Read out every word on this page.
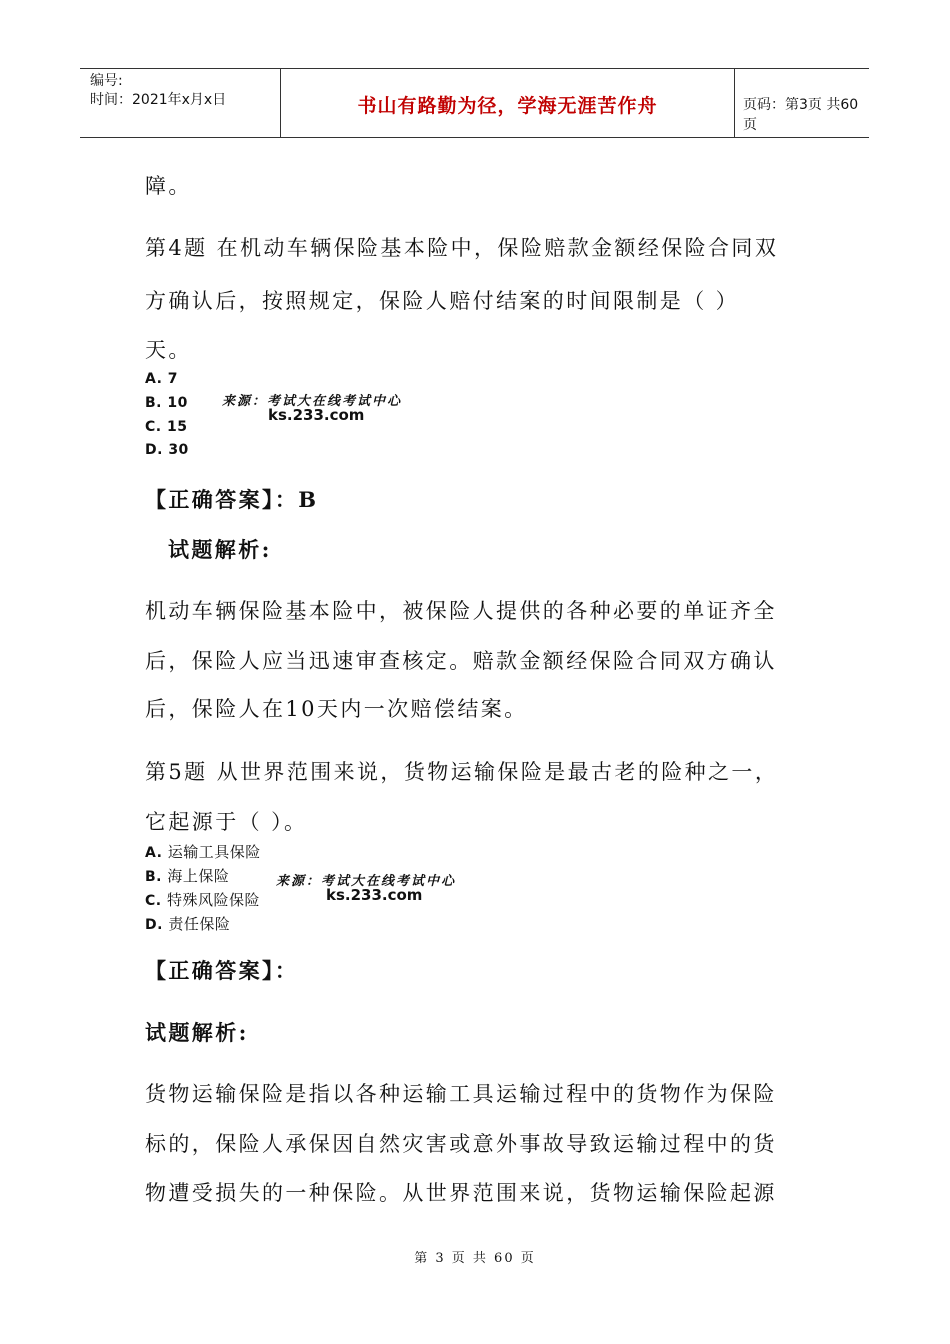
编号:
时间：2021年x月x日	书山有路勤为径，学海无涯苦作舟	页码：第3页 共60页
障。
第4题 在机动车辆保险基本险中，保险赔款金额经保险合同双
方确认后，按照规定，保险人赔付结案的时间限制是（ ）
天。
A. 7
B. 10
C. 15
D. 30
来源：考试大在线考试中心
ks.233.com
【正确答案】：B
试题解析:
机动车辆保险基本险中，被保险人提供的各种必要的单证齐全
后，保险人应当迅速审查核定。赔款金额经保险合同双方确认
后，保险人在10天内一次赔偿结案。
第5题 从世界范围来说，货物运输保险是最古老的险种之一，
它起源于（ ）。
A. 运输工具保险
B. 海上保险
C. 特殊风险保险
D. 责任保险
来源：考试大在线考试中心
ks.233.com
【正确答案】：
试题解析:
货物运输保险是指以各种运输工具运输过程中的货物作为保险
标的，保险人承保因自然灾害或意外事故导致运输过程中的货
物遭受损失的一种保险。从世界范围来说，货物运输保险起源
第 3 页 共 60 页
